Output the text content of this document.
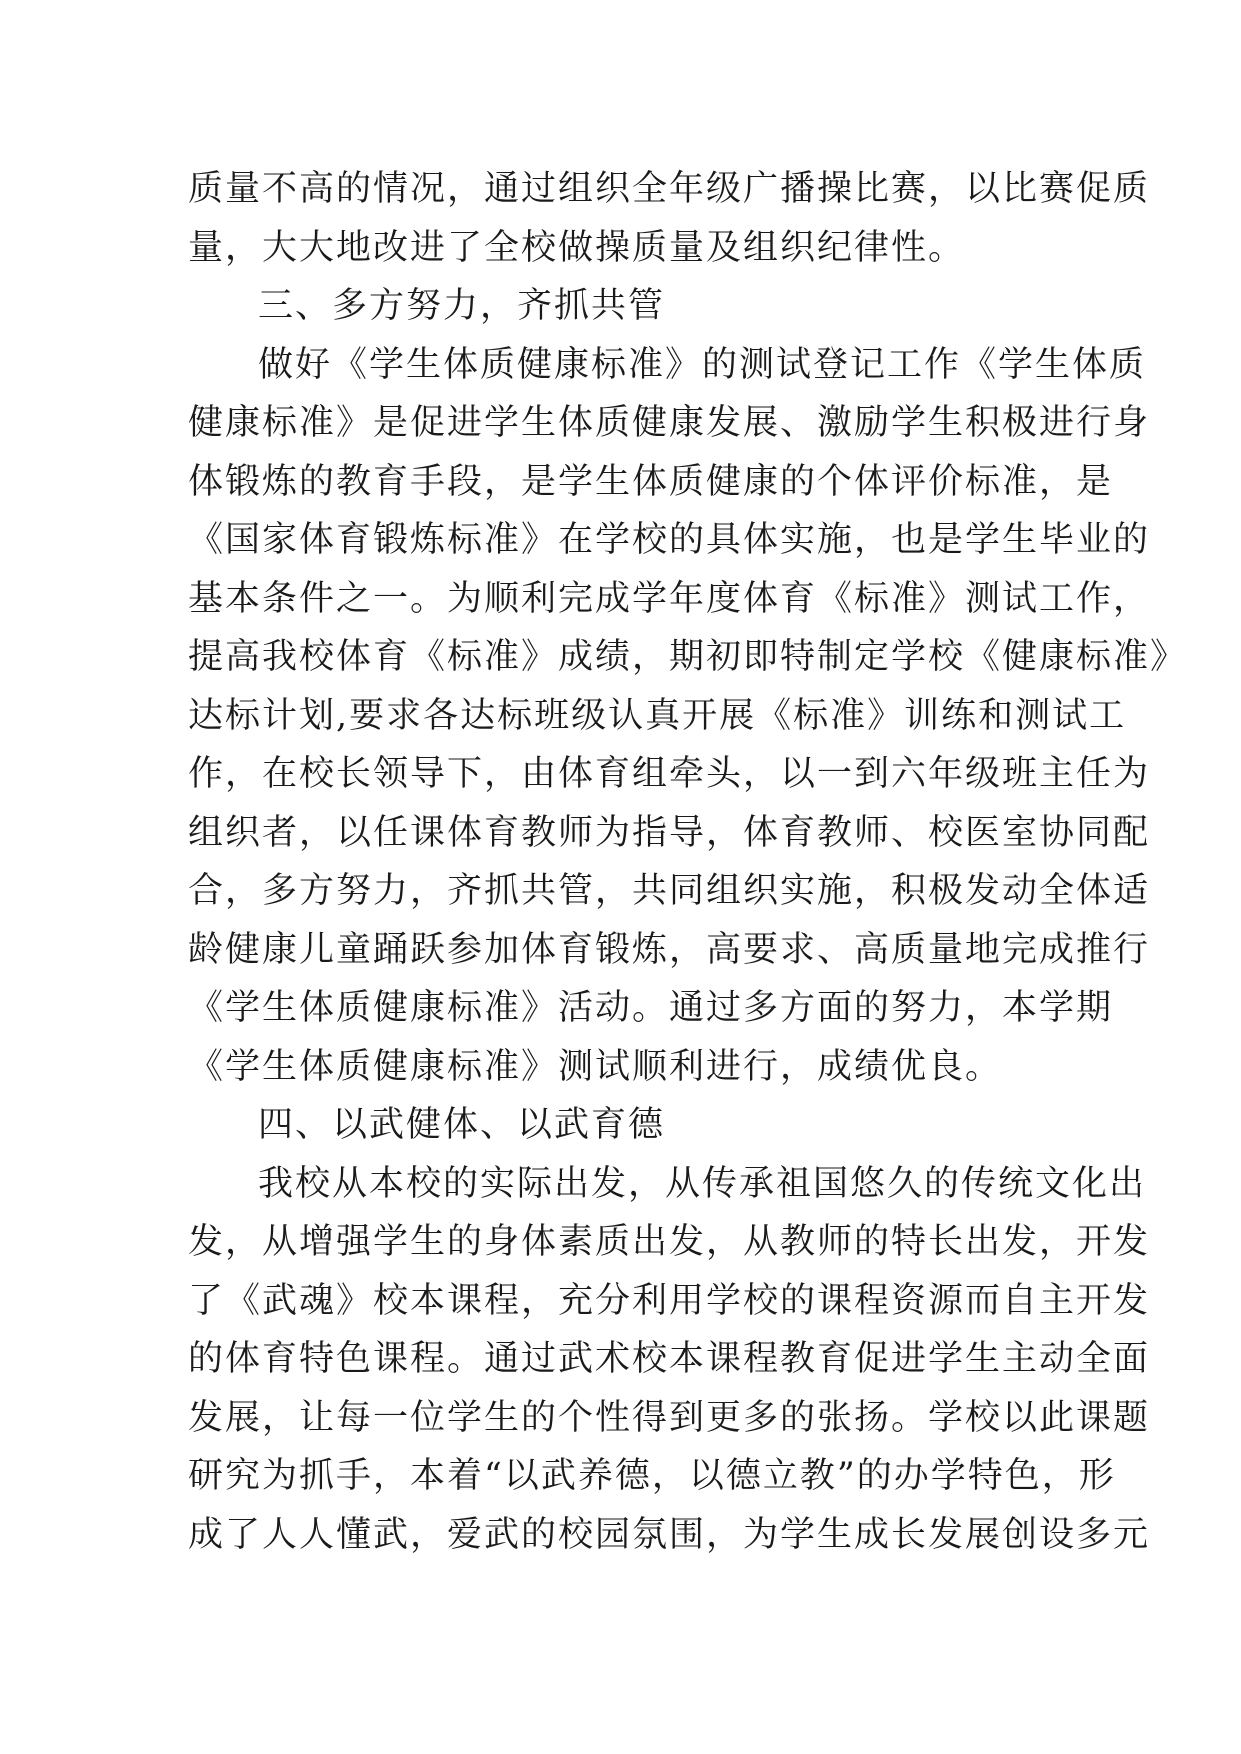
质量不高的情况，通过组织全年级广播操比赛，以比赛促质
量，大大地改进了全校做操质量及组织纪律性。
三、多方努力，齐抓共管
做好《学生体质健康标准》的测试登记工作《学生体质
健康标准》是促进学生体质健康发展、激励学生积极进行身
体锻炼的教育手段，是学生体质健康的个体评价标准，是
《国家体育锻炼标准》在学校的具体实施，也是学生毕业的
基本条件之一。为顺利完成学年度体育《标准》测试工作，
提高我校体育《标准》成绩，期初即特制定学校《健康标准》
达标计划,要求各达标班级认真开展《标准》训练和测试工
作，在校长领导下，由体育组牵头，以一到六年级班主任为
组织者，以任课体育教师为指导，体育教师、校医室协同配
合，多方努力，齐抓共管，共同组织实施，积极发动全体适
龄健康儿童踊跃参加体育锻炼，高要求、高质量地完成推行
《学生体质健康标准》活动。通过多方面的努力，本学期
《学生体质健康标准》测试顺利进行，成绩优良。
四、以武健体、以武育德
我校从本校的实际出发，从传承祖国悠久的传统文化出
发，从增强学生的身体素质出发，从教师的特长出发，开发
了《武魂》校本课程，充分利用学校的课程资源而自主开发
的体育特色课程。通过武术校本课程教育促进学生主动全面
发展，让每一位学生的个性得到更多的张扬。学校以此课题
研究为抓手，本着“以武养德，以德立教”的办学特色，形
成了人人懂武，爱武的校园氛围，为学生成长发展创设多元
